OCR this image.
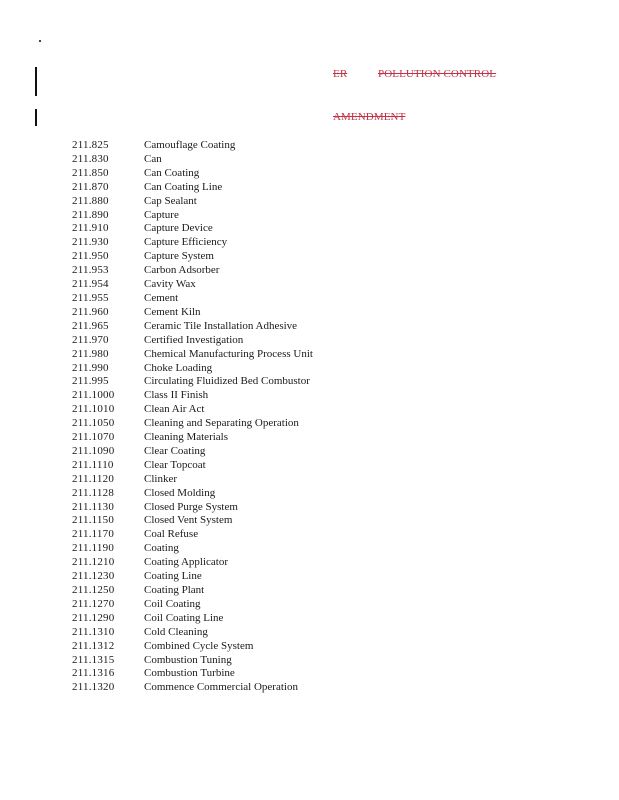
ER	POLLUTION CONTROL
AMENDMENT
211.825	Camouflage Coating
211.830	Can
211.850	Can Coating
211.870	Can Coating Line
211.880	Cap Sealant
211.890	Capture
211.910	Capture Device
211.930	Capture Efficiency
211.950	Capture System
211.953	Carbon Adsorber
211.954	Cavity Wax
211.955	Cement
211.960	Cement Kiln
211.965	Ceramic Tile Installation Adhesive
211.970	Certified Investigation
211.980	Chemical Manufacturing Process Unit
211.990	Choke Loading
211.995	Circulating Fluidized Bed Combustor
211.1000	Class II Finish
211.1010	Clean Air Act
211.1050	Cleaning and Separating Operation
211.1070	Cleaning Materials
211.1090	Clear Coating
211.1110	Clear Topcoat
211.1120	Clinker
211.1128	Closed Molding
211.1130	Closed Purge System
211.1150	Closed Vent System
211.1170	Coal Refuse
211.1190	Coating
211.1210	Coating Applicator
211.1230	Coating Line
211.1250	Coating Plant
211.1270	Coil Coating
211.1290	Coil Coating Line
211.1310	Cold Cleaning
211.1312	Combined Cycle System
211.1315	Combustion Tuning
211.1316	Combustion Turbine
211.1320	Commence Commercial Operation
